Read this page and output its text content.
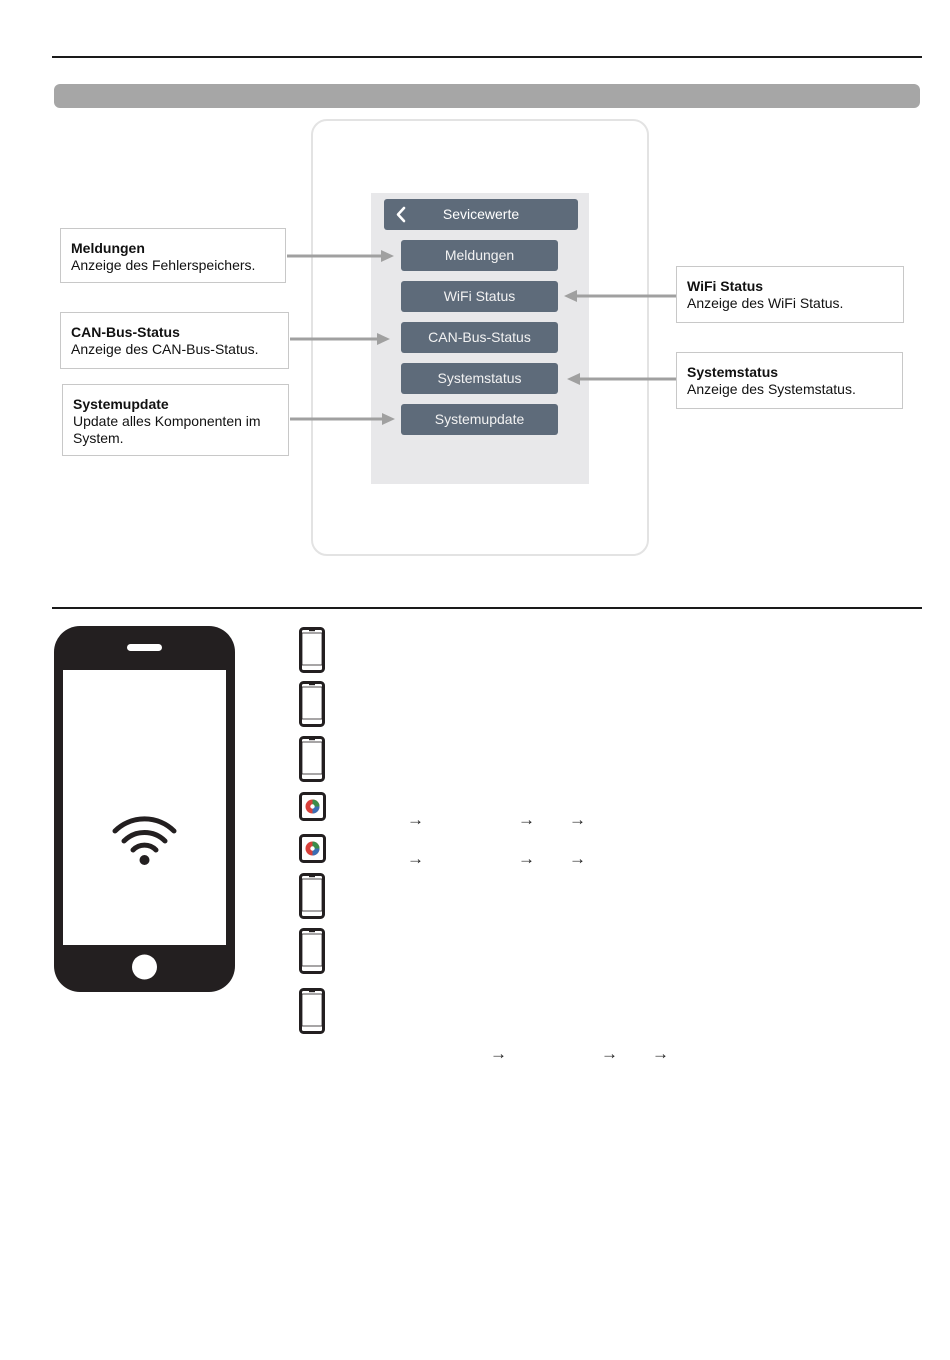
Sevicewerte
Meldungen
WiFi Status
CAN-Bus-Status
Systemstatus
Systemupdate
Meldungen
Anzeige des Fehlerspeichers.
CAN-Bus-Status
Anzeige des CAN-Bus-Status.
Systemupdate
Update alles Komponenten im System.
WiFi Status
Anzeige des WiFi Status.
Systemstatus
Anzeige des Systemstatus.
→	→ →
→	→ →
→	→ →
